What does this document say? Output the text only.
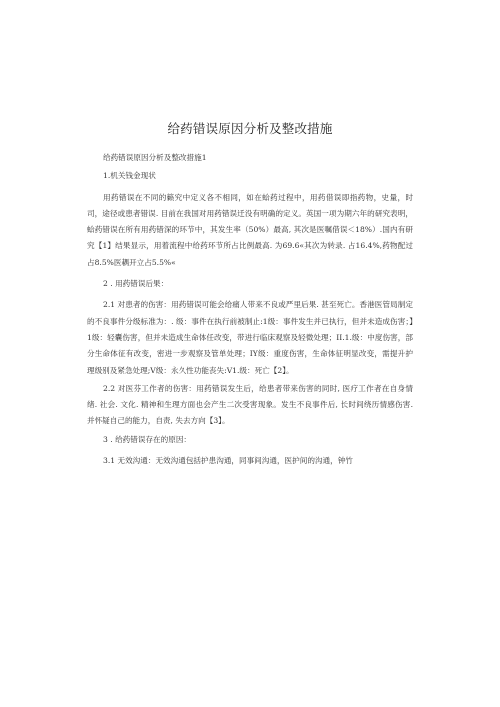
给药错误原因分析及整改措施

给药错误原因分析及整改措施1

1.机关钱金现状

用药错误在不同的籁究中定义各不相同，如在蛤药过程中，用药借误即指药物，史量，时司，途径或患者错误. 目前在我国对用药错误迁没有明确的定义。英国一项为期六年的研究表明，蛤药错误在所有用药错深的环节中，其发生率（50%）最高, 其次是医嘱借误＜18%）.国内有研究【1】结果显示，用着流程中给药环节所占比例最高. 为69.6«其次为转录. 占16.4%,药物配过占8.5%医耦开立占5.5%«

2 . 用药错误后果：

2.1 对患者的伤害：用药错误可能会给痛人带来不良或严里后果. 甚至死亡。香港医管局制定的不良事件分级标准为：. 级：事件在执行前被制止:1级：事件发生并已执行，但并未造成伤害；】1级：轻囊伤害，但并未造成生命体任改变，带进行临床观察及轻微处理；II.1.级：中度伤害，部分生命体征有改变，密进一步观察及管单处理；IY级：重度伤害，生命体征明显改变，需提升护理级别及紧急处理;V级：永久性功能丧失:V1.级：死亡【2】。

2.2 对医芬工作者的伤害：用药错误发生后，给患者带来伤害的同时, 医疗工作者在自身情绪. 社会. 文化. 精神和生理方面也会产生二次受害现象。发生不良事件后, 长时间绕历情感伤害. 并怀疑自己的能力，自责, 失去方向【3】。

3 . 给药错误存在的原因：

3.1 无效沟通：无效沟通包括护患沟通，同事间沟通，医护间的沟通，钟竹
